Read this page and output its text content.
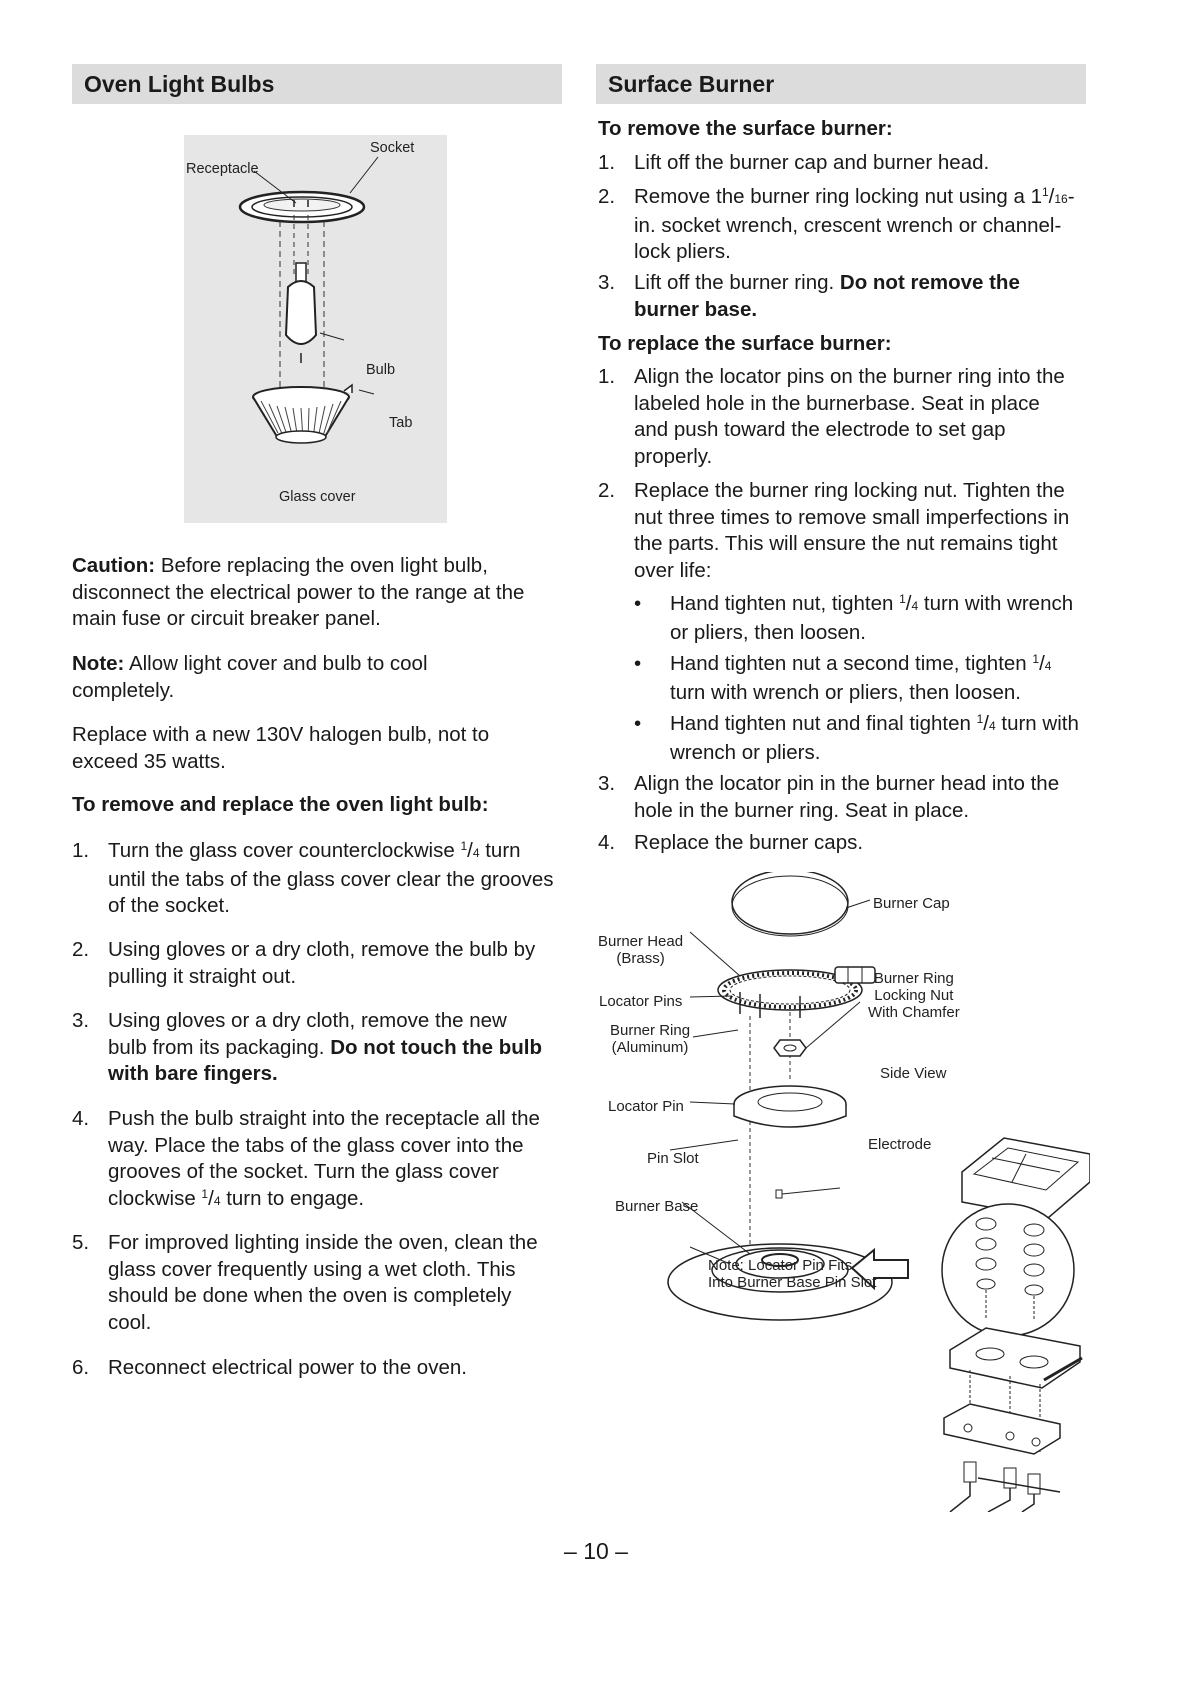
Oven Light Bulbs
Socket
Receptacle
Bulb
Tab
Glass cover

Caution: Before replacing the oven light bulb, disconnect the electrical power to the range at the main fuse or circuit breaker panel.

Note: Allow light cover and bulb to cool completely.

Replace with a new 130V halogen bulb, not to exceed 35 watts.

To remove and replace the oven light bulb:

1. Turn the glass cover counterclockwise $^1$/4 turn until the tabs of the glass cover clear the grooves of the socket.
2. Using gloves or a dry cloth, remove the bulb by pulling it straight out.
3. Using gloves or a dry cloth, remove the new bulb from its packaging. Do not touch the bulb with bare fingers.
4. Push the bulb straight into the receptacle all the way. Place the tabs of the glass cover into the grooves of the socket. Turn the glass cover clockwise $^1$/4 turn to engage.
5. For improved lighting inside the oven, clean the glass cover frequently using a wet cloth. This should be done when the oven is completely cool.
6. Reconnect electrical power to the oven.
Surface Burner

To remove the surface burner:

1. Lift off the burner cap and burner head.
2. Remove the burner ring locking nut using a $1^1/16-in$. socket wrench, crescent wrench or channel-lock pliers.
3. Lift off the burner ring. Do not remove the burner base.

To replace the surface burner:

1. Align the locator pins on the burner ring into the labeled hole in the burnerbase. Seat in place and push toward the electrode to set gap properly.
2. Replace the burner ring locking nut. Tighten the nut three times to remove small imperfections in the parts. This will ensure the nut remains tight over life:
• Hand tighten nut, tighten $^1$/4 turn with wrench or pliers, then loosen.
• Hand tighten nut a second time, tighten $^1$/4 turn with wrench or pliers, then loosen.
• Hand tighten nut and final tighten $^1$/4 turn with wrench or pliers.
3. Align the locator pin in the burner head into the hole in the burner ring. Seat in place.
4. Replace the burner caps.
Burner Cap
Burner Head
(Brass)
Locator Pins
Burner Ring
(Aluminum)
Burner Ring
Locking Nut
With Chamfer
Side View
Locator Pin
Electrode
Pin Slot
Burner Base
Note: Locator Pin Fits
Into Burner Base Pin Slot
– 10 –
